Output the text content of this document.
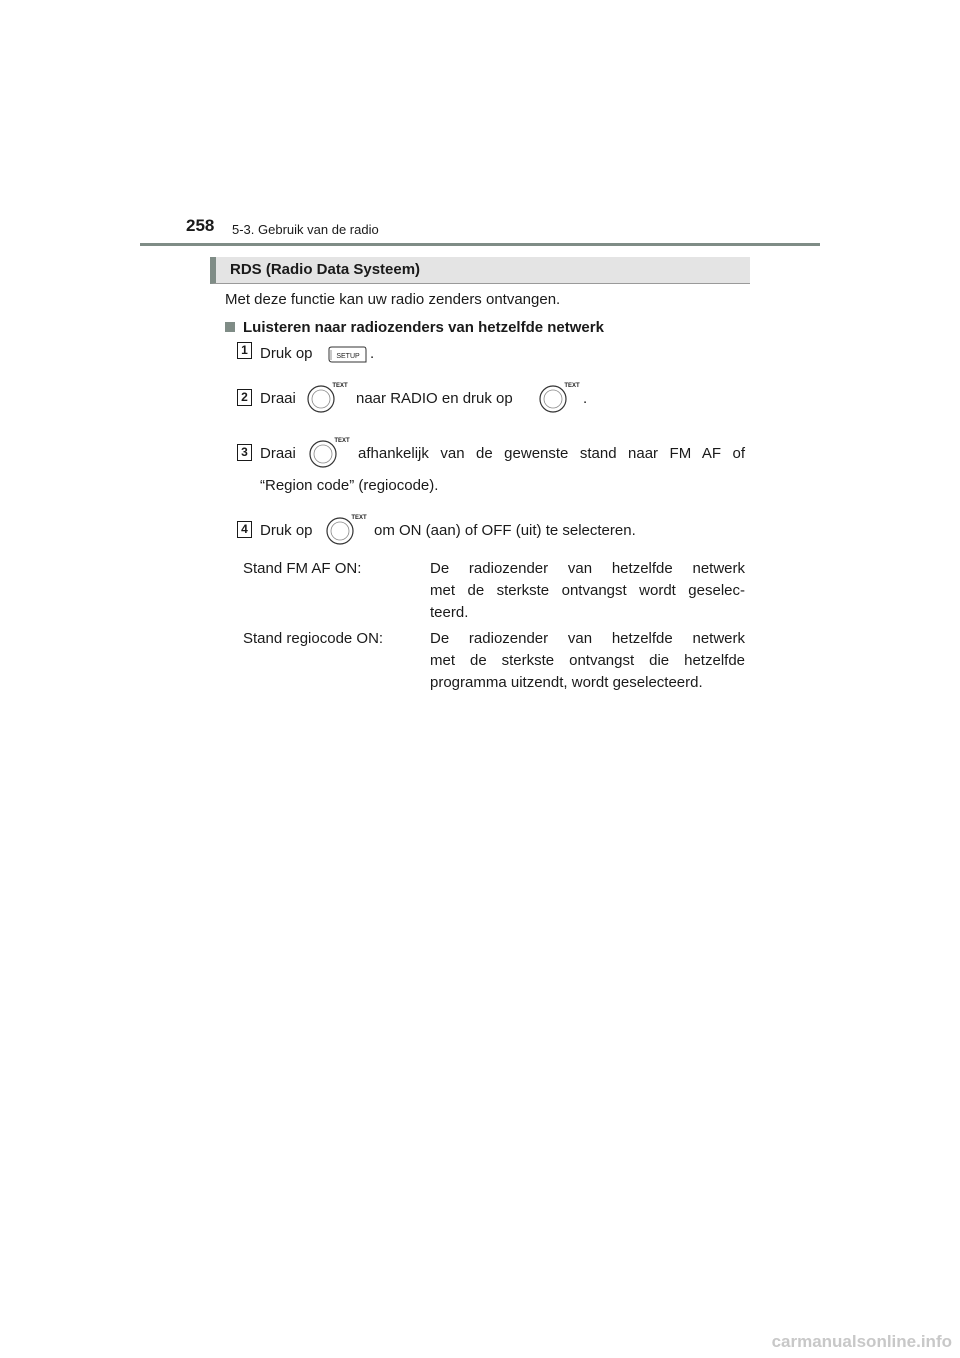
258 5-3. Gebruik van de radio
RDS (Radio Data Systeem)
Met deze functie kan uw radio zenders ontvangen.
Luisteren naar radiozenders van hetzelfde netwerk
1 Druk op	SETUP .
2 Draai
TEXT
naar RADIO en druk op
TEXT
.
3 Draai
TEXT
afhankelijk van de gewenste stand naar FM AF of
“Region code” (regiocode).
4 Druk op
TEXT
om ON (aan) of OFF (uit) te selecteren.
Stand FM AF ON:	De radiozender van hetzelfde netwerk
met de sterkste ontvangst wordt geselec-
teerd.
Stand regiocode ON:	De radiozender van hetzelfde netwerk
met de sterkste ontvangst die hetzelfde
programma uitzendt, wordt geselecteerd.
carmanualsonline.info
